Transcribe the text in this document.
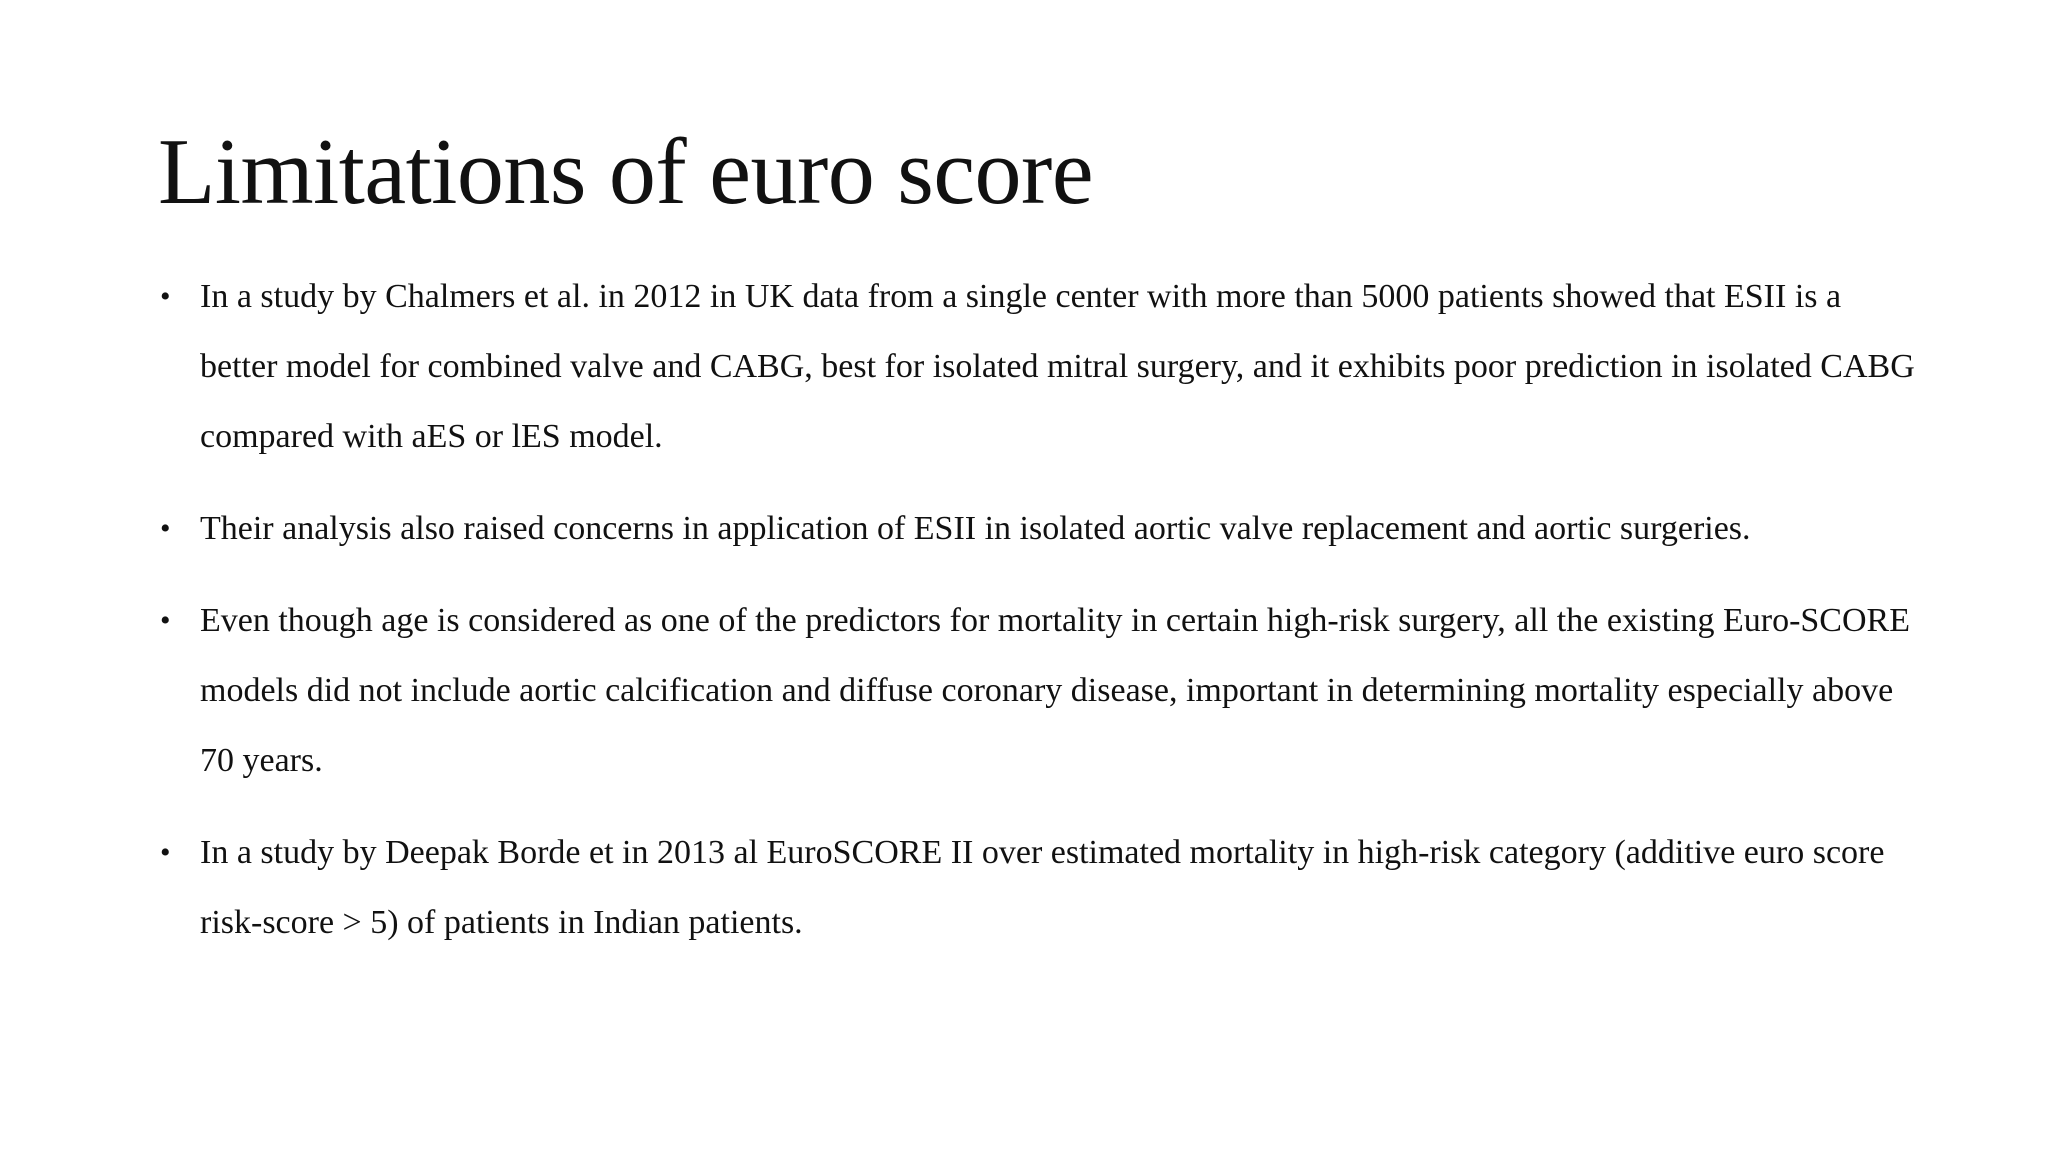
Limitations of euro score
• In a study by Chalmers et al. in 2012 in UK data from a single center with more than 5000 patients showed that ESII is a better model for combined valve and CABG, best for isolated mitral surgery, and it exhibits poor prediction in isolated CABG compared with aES or lES model.
• Their analysis also raised concerns in application of ESII in isolated aortic valve replacement and aortic surgeries.
• Even though age is considered as one of the predictors for mortality in certain high-risk surgery, all the existing Euro-SCORE models did not include aortic calcification and diffuse coronary disease, important in determining mortality especially above 70 years.
• In a study by Deepak Borde et in 2013 al EuroSCORE II over estimated mortality in high-risk category (additive euro score risk-score > 5) of patients in Indian patients.
